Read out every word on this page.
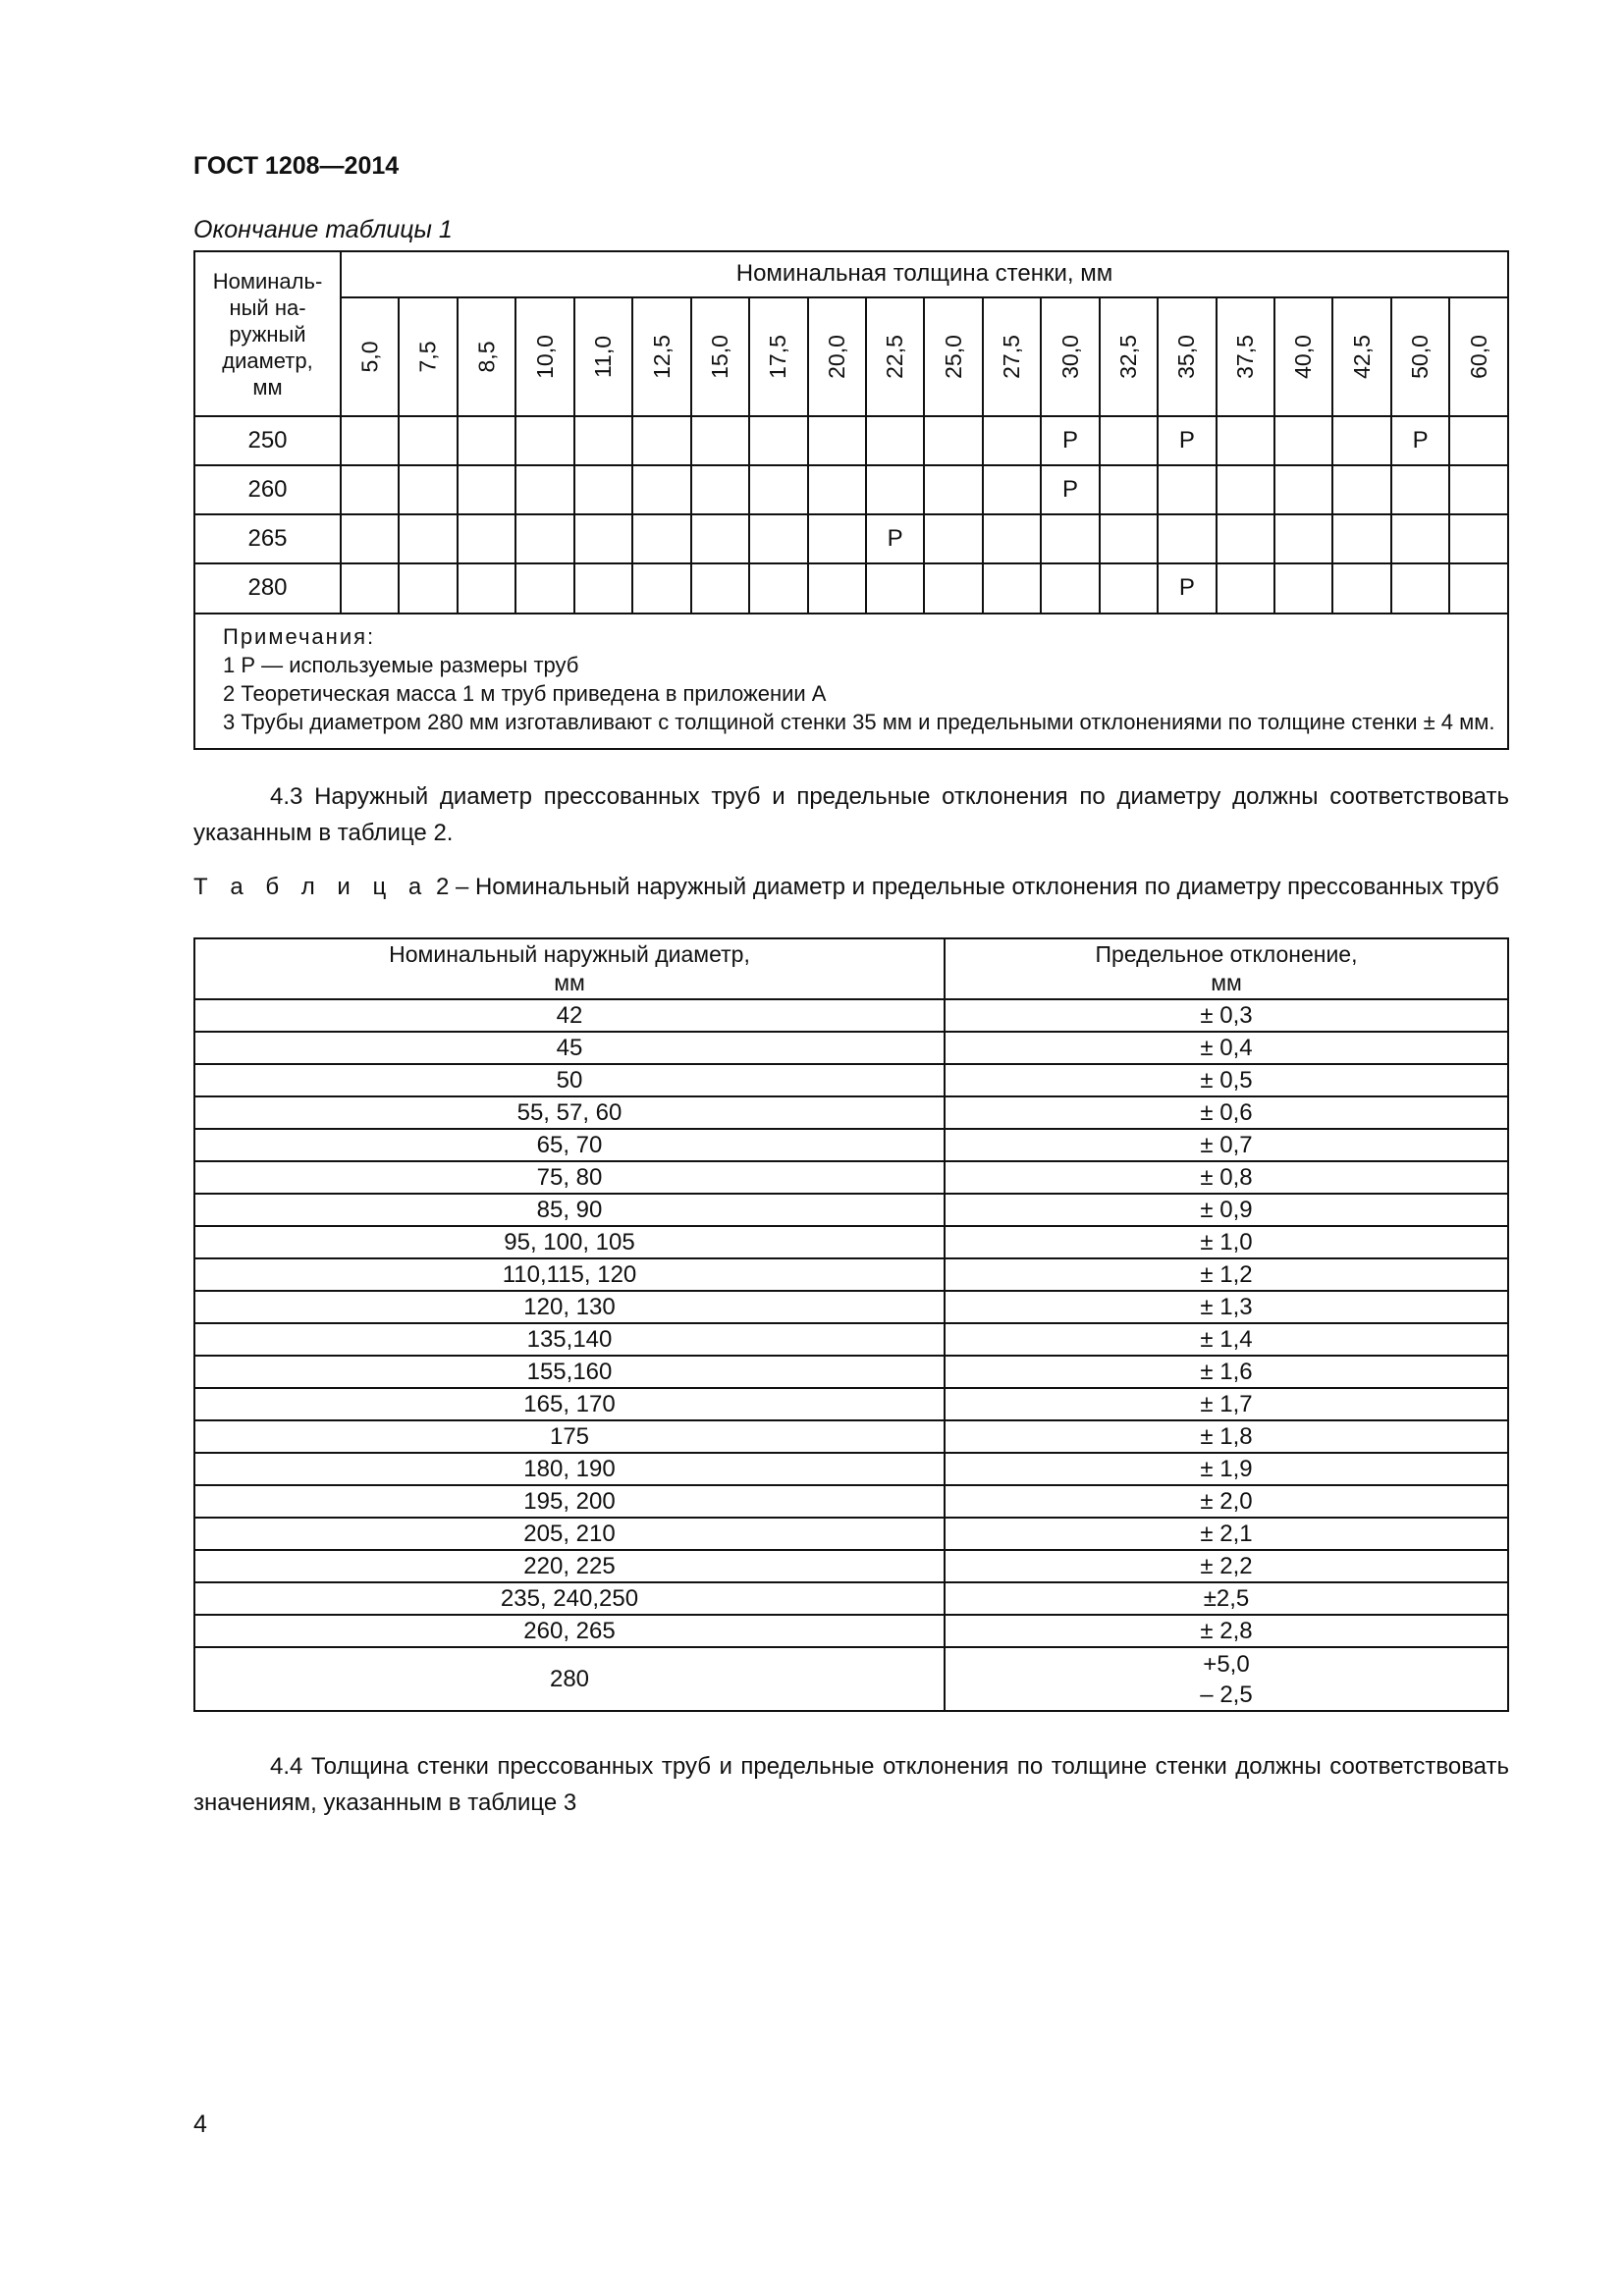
ГОСТ 1208—2014
Окончание таблицы 1
Номиналь-
ный на-
ружный
диаметр,
мм	Номинальная толщина стенки, мм																			

	5,0	7,5	8,5	10,0	11,0	12,5	15,0	17,5	20,0	22,5	25,0	27,5	30,0	32,5	35,0	37,5	40,0	42,5	50,0	60,0

250													Р		Р				Р	
260													Р							
265										Р										
280															Р					

Примечания:
1 Р — используемые размеры труб
2 Теоретическая масса 1 м труб приведена в приложении А
3 Трубы диаметром 280 мм изготавливают с толщиной стенки 35 мм и предельными отклонениями по толщине стенки ± 4 мм.																				
4.3 Наружный диаметр прессованных труб и предельные отклонения по диаметру должны соответствовать указанным в таблице 2.
Т а б л и ц а 2 – Номинальный наружный диаметр и предельные отклонения по диаметру прессованных труб
Номинальный наружный диаметр,
мм	Предельное отклонение,
мм
42	± 0,3
45	± 0,4
50	± 0,5
55, 57, 60	± 0,6
65, 70	± 0,7
75, 80	± 0,8
85, 90	± 0,9
95, 100, 105	± 1,0
110,115, 120	± 1,2
120, 130	± 1,3
135,140	± 1,4
155,160	± 1,6
165, 170	± 1,7
175	± 1,8
180, 190	± 1,9
195, 200	± 2,0
205, 210	± 2,1
220, 225	± 2,2
235, 240,250	±2,5
260, 265	± 2,8
280	+5,0
– 2,5
4.4 Толщина стенки прессованных труб и предельные отклонения по толщине стенки должны соответствовать значениям, указанным в таблице 3
4
